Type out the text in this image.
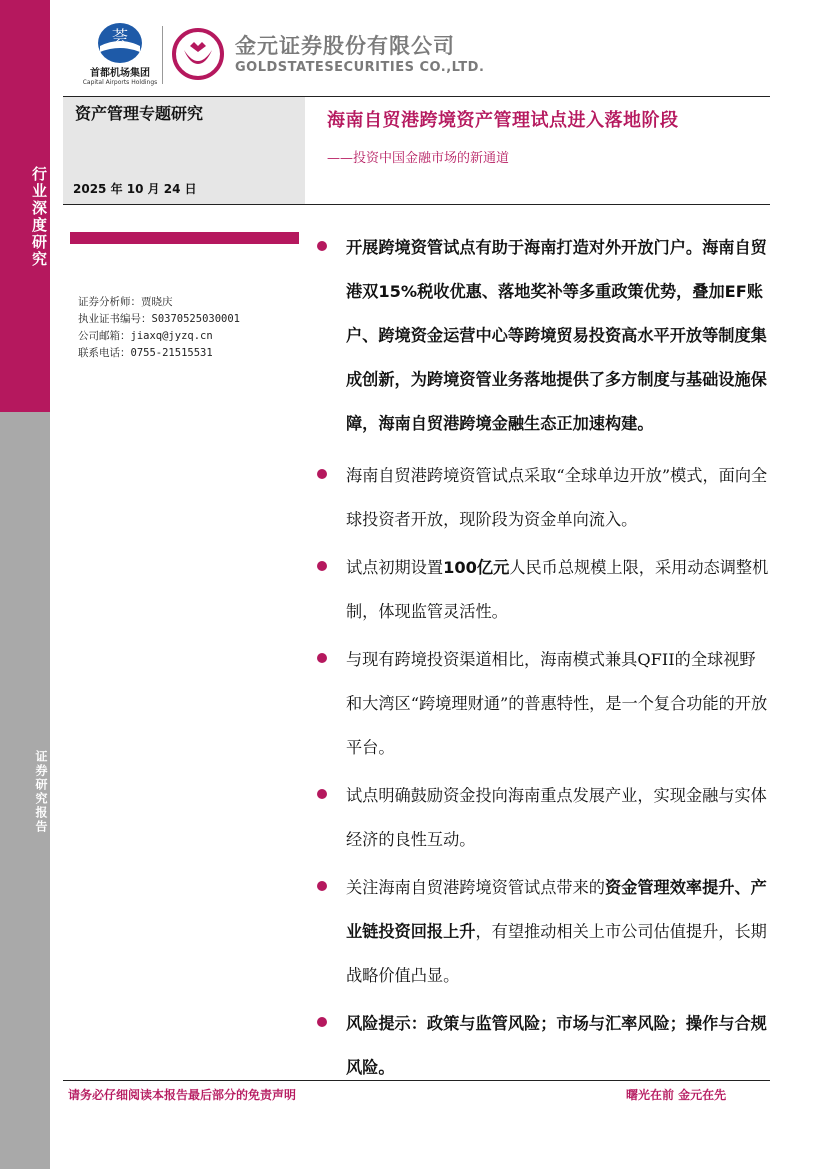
行业深度研究
证券研究报告
荟
首都机场集团
Capital Airports Holdings
金元证券股份有限公司
GOLDSTATESECURITIES CO.,LTD.
资产管理专题研究
2025 年 10 月 24 日
海南自贸港跨境资产管理试点进入落地阶段
——投资中国金融市场的新通道
证券分析师：贾晓庆
执业证书编号：S0370525030001
公司邮箱：jiaxq@jyzq.cn
联系电话：0755-21515531
开展跨境资管试点有助于海南打造对外开放门户。海南自贸港双15%税收优惠、落地奖补等多重政策优势，叠加EF账户、跨境资金运营中心等跨境贸易投资高水平开放等制度集成创新，为跨境资管业务落地提供了多方制度与基础设施保障，海南自贸港跨境金融生态正加速构建。
海南自贸港跨境资管试点采取“全球单边开放”模式，面向全球投资者开放，现阶段为资金单向流入。
试点初期设置100亿元人民币总规模上限，采用动态调整机制，体现监管灵活性。
与现有跨境投资渠道相比，海南模式兼具QFII的全球视野和大湾区“跨境理财通”的普惠特性，是一个复合功能的开放平台。
试点明确鼓励资金投向海南重点发展产业，实现金融与实体经济的良性互动。
关注海南自贸港跨境资管试点带来的资金管理效率提升、产业链投资回报上升，有望推动相关上市公司估值提升，长期战略价值凸显。
风险提示：政策与监管风险；市场与汇率风险；操作与合规风险。
请务必仔细阅读本报告最后部分的免责声明	曙光在前 金元在先
